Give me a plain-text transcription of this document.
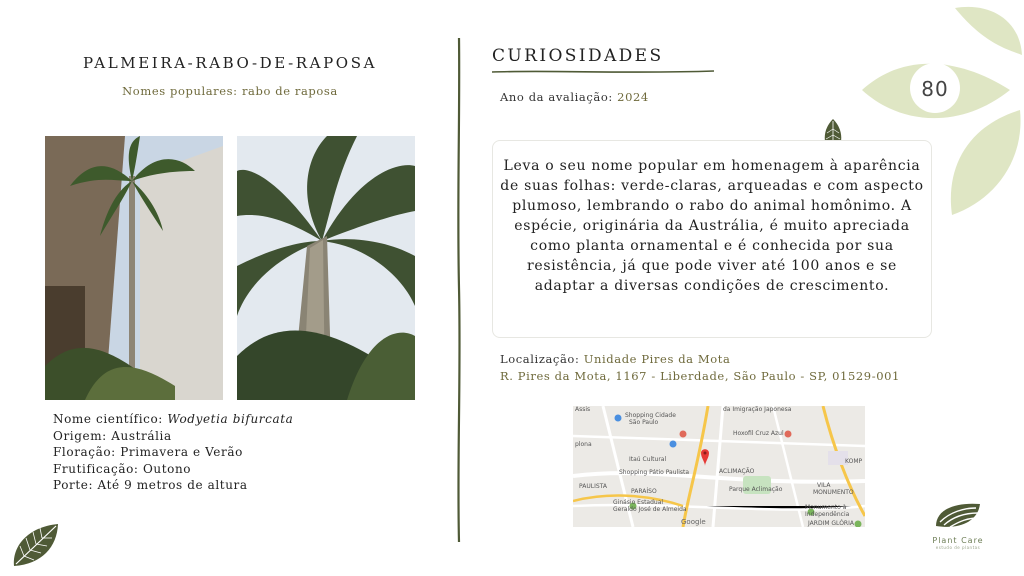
80
PALMEIRA-RABO-DE-RAPOSA
Nomes populares: rabo de raposa
Nome científico: Wodyetia bifurcata
Origem: Austrália
Floração: Primavera e Verão
Frutificação: Outono
Porte: Até 9 metros de altura
CURIOSIDADES
Ano da avaliação: 2024
Leva o seu nome popular em homenagem à aparência de suas folhas: verde-claras, arqueadas e com aspecto plumoso, lembrando o rabo do animal homônimo. A espécie, originária da Austrália, é muito apreciada como planta ornamental e é conhecida por sua resistência, já que pode viver até 100 anos e se adaptar a diversas condições de crescimento.
Localização: Unidade Pires da Mota
R. Pires da Mota, 1167 - Liberdade, São Paulo - SP, 01529-001
Assis
Shopping Cidade
São Paulo
da Imigração Japonesa
Hoxofil Cruz Azul
plona
Itaú Cultural
Shopping Pátio Paulista	ACLIMAÇÃO
KOMP
PAULISTA
PARAÍSO	Parque Aclimação
VILA
MONUMENTO
Ginásio Estadual
Geraldo José de Almeida	Monumento à
Independência
JARDIM GLÓRIA
Google
Plant Care
estudo de plantas
